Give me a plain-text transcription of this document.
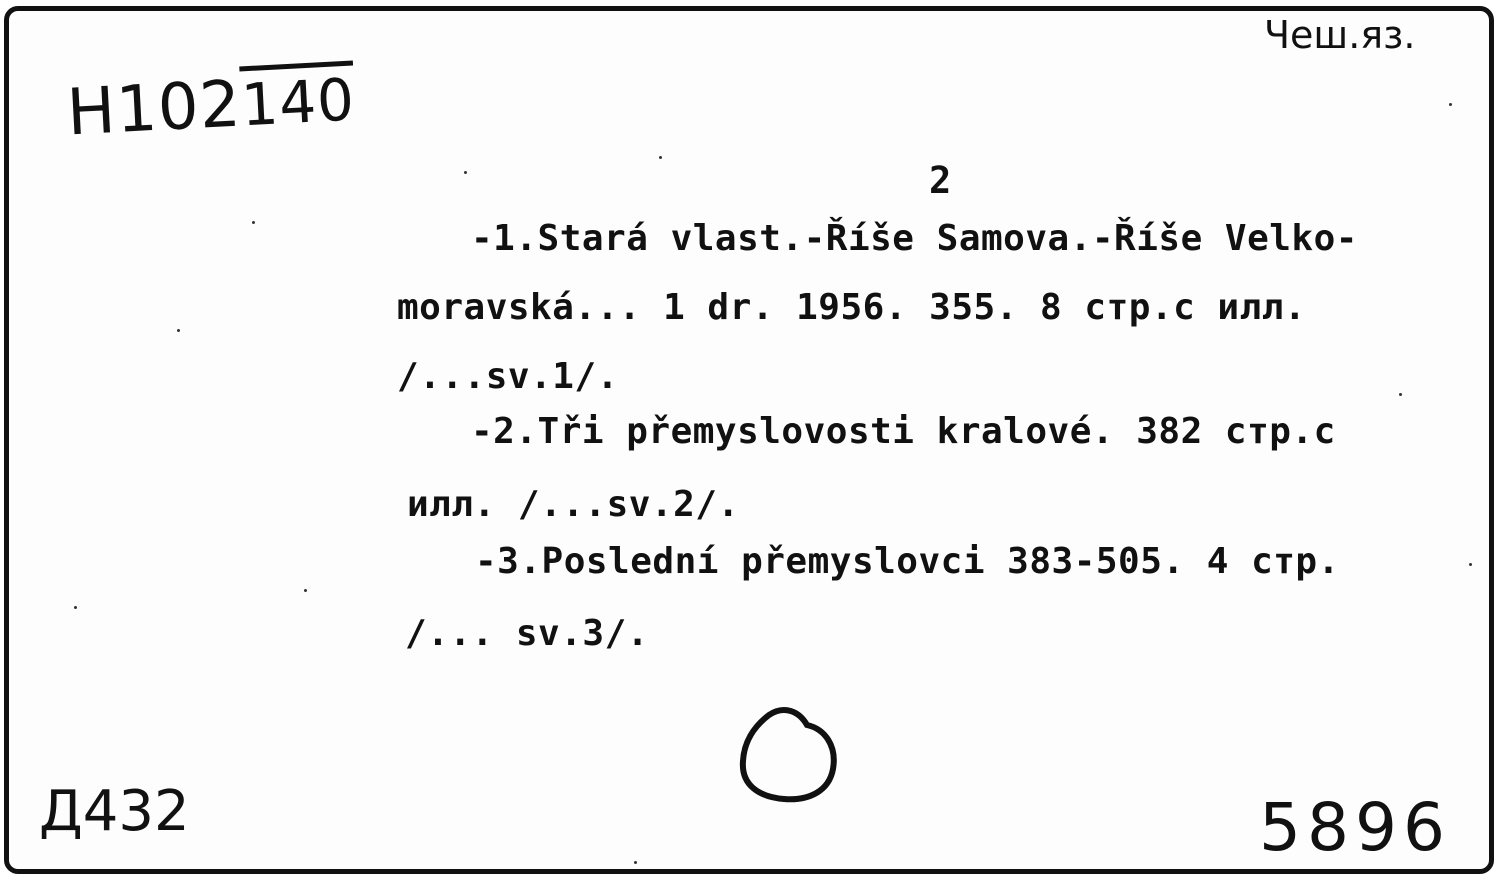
H102140
Чеш.яз.
2
-1.Stará vlast.-Říše Samova.-Říše Velko-
moravská... 1 dr. 1956. 355. 8 стр.с илл.
/...sv.1/.
-2.Tři přemyslovosti kralové. 382 стр.с
илл. /...sv.2/.
-3.Poslední přemyslovci 383-505. 4 стр.
/... sv.3/.
Д432	5896
